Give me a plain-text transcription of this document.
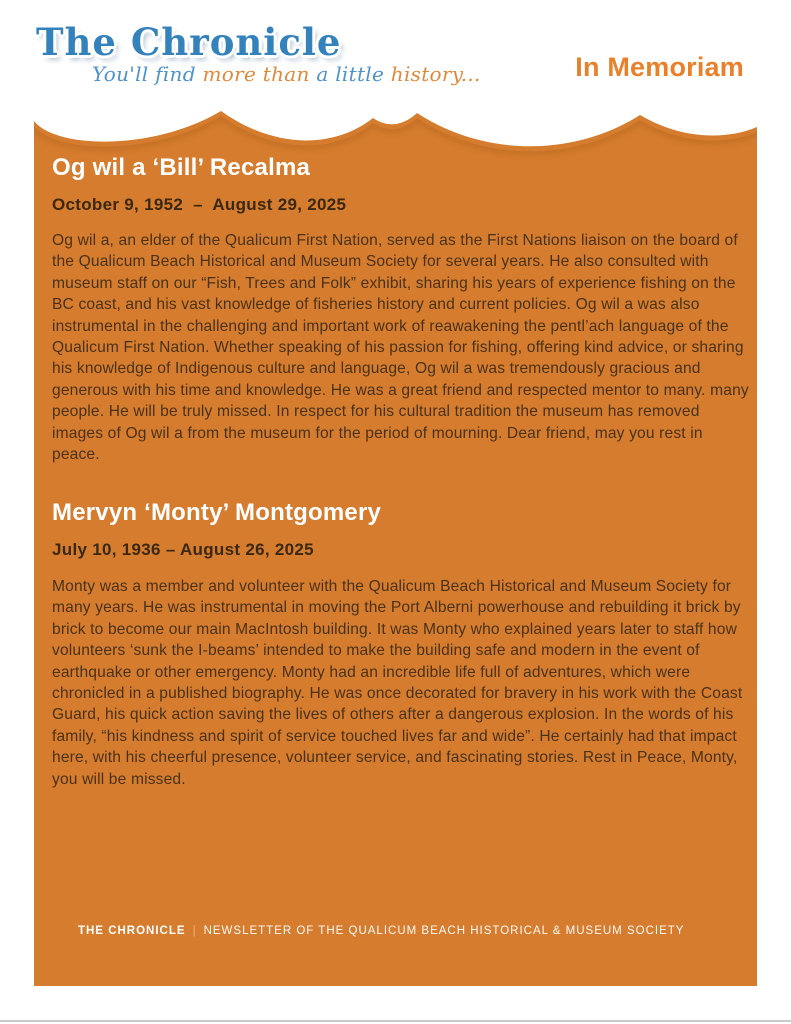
The Chronicle
You'll find more than a little history...	In Memoriam
Og wil a ‘Bill’ Recalma
October 9, 1952  –  August 29, 2025
Og wil a, an elder of the Qualicum First Nation, served as the First Nations liaison on the board of the Qualicum Beach Historical and Museum Society for several years. He also consulted with museum staff on our “Fish, Trees and Folk” exhibit, sharing his years of experience fishing on the BC coast, and his vast knowledge of fisheries history and current policies. Og wil a was also instrumental in the challenging and important work of reawakening the pentl’ach language of the Qualicum First Nation. Whether speaking of his passion for fishing, offering kind advice, or sharing his knowledge of Indigenous culture and language, Og wil a was tremendously gracious and generous with his time and knowledge. He was a great friend and respected mentor to many. many people. He will be truly missed. In respect for his cultural tradition the museum has removed images of Og wil a from the museum for the period of mourning. Dear friend, may you rest in peace.
Mervyn ‘Monty’ Montgomery
July 10, 1936 – August 26, 2025
Monty was a member and volunteer with the Qualicum Beach Historical and Museum Society for many years. He was instrumental in moving the Port Alberni powerhouse and rebuilding it brick by brick to become our main MacIntosh building. It was Monty who explained years later to staff how volunteers ‘sunk the I-beams’ intended to make the building safe and modern in the event of earthquake or other emergency. Monty had an incredible life full of adventures, which were chronicled in a published biography. He was once decorated for bravery in his work with the Coast Guard, his quick action saving the lives of others after a dangerous explosion. In the words of his family, “his kindness and spirit of service touched lives far and wide”. He certainly had that impact here, with his cheerful presence, volunteer service, and fascinating stories. Rest in Peace, Monty, you will be missed.
THE CHRONICLE | NEWSLETTER OF THE QUALICUM BEACH HISTORICAL & MUSEUM SOCIETY
